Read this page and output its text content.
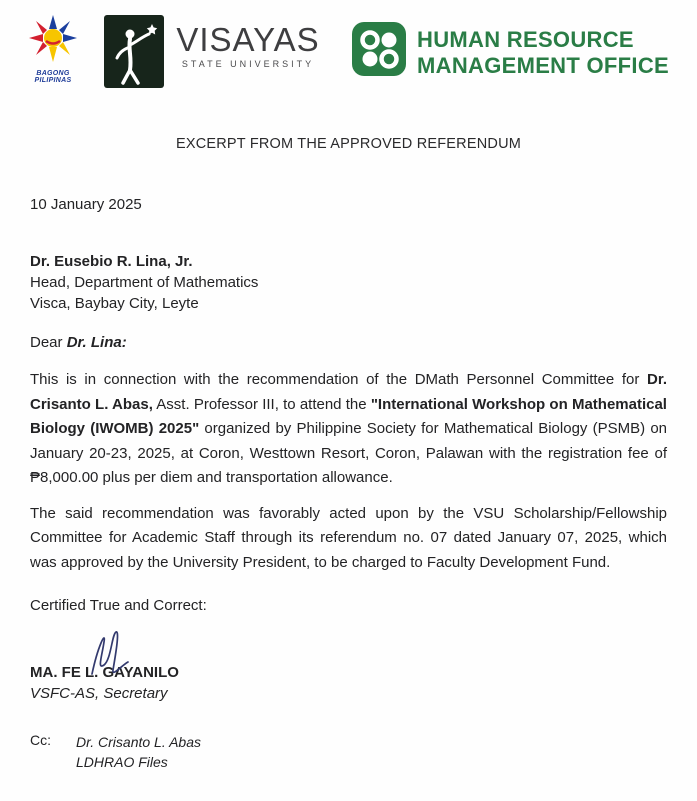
BAGONG PILIPINAS
VISAYAS
STATE UNIVERSITY
HUMAN RESOURCE
MANAGEMENT OFFICE
EXCERPT FROM THE APPROVED REFERENDUM
10 January 2025
Dr. Eusebio R. Lina, Jr.
Head, Department of Mathematics
Visca, Baybay City, Leyte
Dear Dr. Lina:

This is in connection with the recommendation of the DMath Personnel Committee for Dr. Crisanto L. Abas, Asst. Professor III, to attend the "International Workshop on Mathematical Biology (IWOMB) 2025" organized by Philippine Society for Mathematical Biology (PSMB) on January 20-23, 2025, at Coron, Westtown Resort, Coron, Palawan with the registration fee of ₱8,000.00 plus per diem and transportation allowance.

The said recommendation was favorably acted upon by the VSU Scholarship/Fellowship Committee for Academic Staff through its referendum no. 07 dated January 07, 2025, which was approved by the University President, to be charged to Faculty Development Fund.

Certified True and Correct:
MA. FE L. GAYANILO
VSFC-AS, Secretary
Cc:	Dr. Crisanto L. Abas
LDHRAO Files
